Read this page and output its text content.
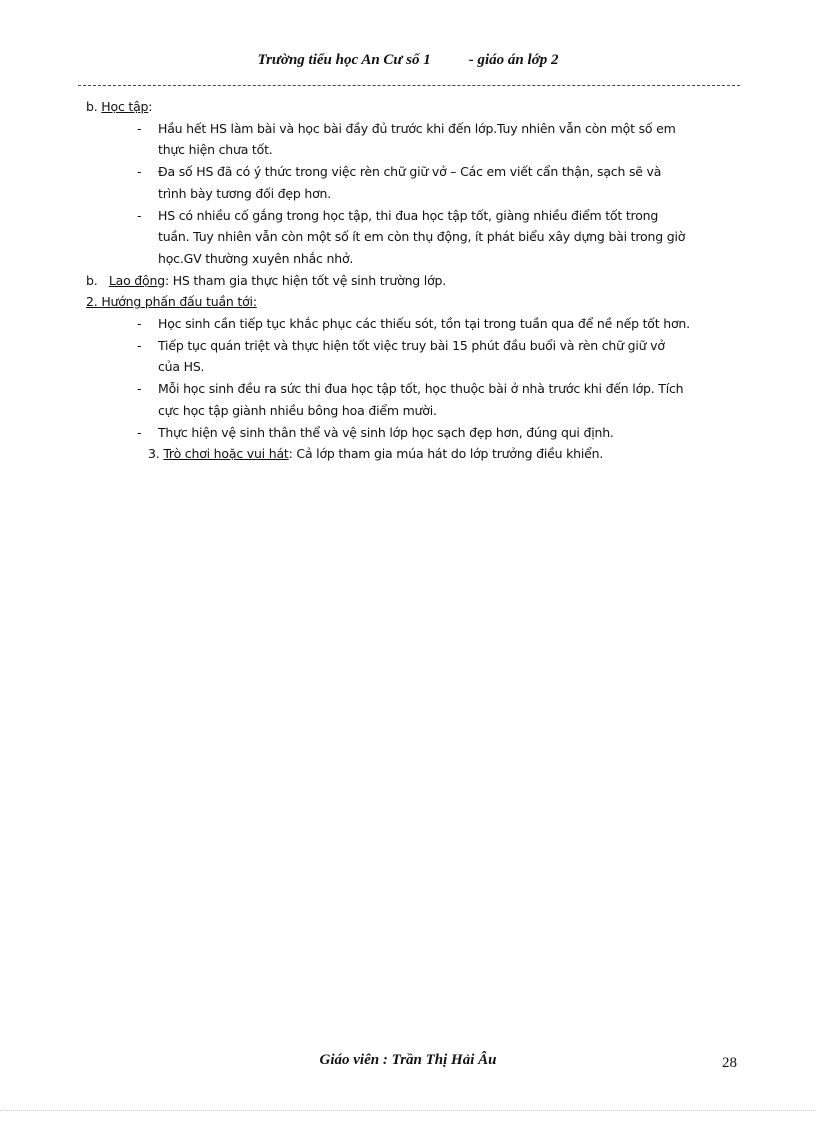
Trường tiểu học An Cư số 1	- giáo án lớp 2
b. Học tập:
- Hầu hết HS làm bài và học bài đầy đủ trước khi đến lớp.Tuy nhiên vẫn còn một số em
thực hiện chưa tốt.
- Đa số HS đã có ý thức trong việc rèn chữ giữ vở – Các em viết cẩn thận, sạch sẽ và
trình bày tương đối đẹp hơn.
- HS có nhiều cố gắng trong học tập, thi đua học tập tốt, giàng nhiều điểm tốt trong
tuần. Tuy nhiên vẫn còn một số ít em còn thụ động, ít phát biểu xây dựng bài trong giờ
học.GV thường xuyên nhắc nhở.
b. Lao động: HS tham gia thực hiện tốt vệ sinh trường lớp.
2. Hướng phấn đấu tuần tới:
- Học sinh cần tiếp tục khắc phục các thiếu sót, tồn tại trong tuần qua để nề nếp tốt hơn.
- Tiếp tục quán triệt và thực hiện tốt việc truy bài 15 phút đầu buổi và rèn chữ giữ vở
của HS.
- Mỗi học sinh đều ra sức thi đua học tập tốt, học thuộc bài ở nhà trước khi đến lớp. Tích
cực học tập giành nhiều bông hoa điểm mười.
- Thực hiện vệ sinh thân thể và vệ sinh lớp học sạch đẹp hơn, đúng qui định.
3. Trò chơi hoặc vui hát: Cả lớp tham gia múa hát do lớp trưởng điều khiển.
Giáo viên : Trần Thị Hải Âu	28
